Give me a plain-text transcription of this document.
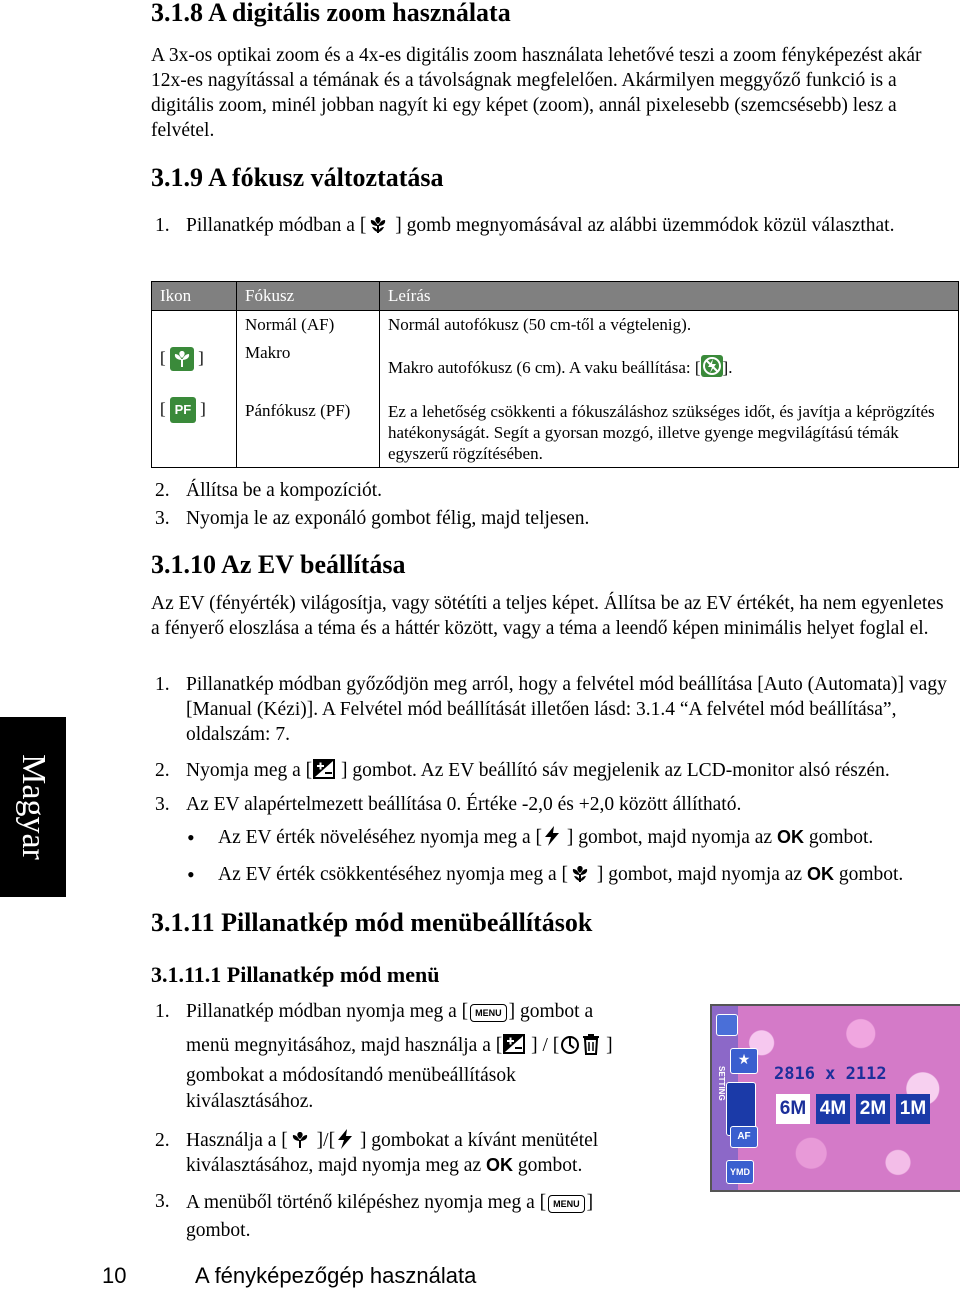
3.1.8 A digitális zoom használata

A 3x-os optikai zoom és a 4x-es digitális zoom használata lehetővé teszi a zoom fényképezést akár 12x-es nagyítással a témának és a távolságnak megfelelően. Akármilyen meggyőző funkció is a digitális zoom, minél jobban nagyít ki egy képet (zoom), annál pixelesebb (szemcsésebb) lesz a felvétel.

3.1.9 A fókusz változtatása
1. Pillanatkép módban a [ ] gomb megnyomásával az alábbi üzemmódok közül választhat.
Ikon	Fókusz	Leírás
	Normál (AF)	Normál autofókusz (50 cm-től a végtelenig).
[ ]	Makro	Makro autofókusz (6 cm). A vaku beállítása: [ ].
[ PF ]	Pánfókusz (PF)	Ez a lehetőség csökkenti a fókuszáláshoz szükséges időt, és javítja a képrögzítés hatékonyságát. Segít a gyorsan mozgó, illetve gyenge megvilágítású témák egyszerű rögzítésében.
2. Állítsa be a kompozíciót.
3. Nyomja le az exponáló gombot félig, majd teljesen.
3.1.10 Az EV beállítása

Az EV (fényérték) világosítja, vagy sötétíti a teljes képet. Állítsa be az EV értékét, ha nem egyenletes a fényerő eloszlása a téma és a háttér között, vagy a téma a leendő képen minimális helyet foglal el.

1. Pillanatkép módban győződjön meg arról, hogy a felvétel mód beállítása [Auto (Automata)] vagy [Manual (Kézi)]. A Felvétel mód beállítását illetően lásd: 3.1.4 “A felvétel mód beállítása”, oldalszám: 7.
2. Nyomja meg a [ ] gombot. Az EV beállító sáv megjelenik az LCD-monitor alsó részén.
3. Az EV alapértelmezett beállítása 0. Értéke -2,0 és +2,0 között állítható.
• Az EV érték növeléséhez nyomja meg a [ ] gombot, majd nyomja az OK gombot.
• Az EV érték csökkentéséhez nyomja meg a [ ] gombot, majd nyomja az OK gombot.
3.1.11 Pillanatkép mód menübeállítások
3.1.11.1 Pillanatkép mód menü
1. Pillanatkép módban nyomja meg a [ MENU ] gombot a
menü megnyitásához, majd használja a [ ] / [ ]
gombokat a módosítandó menübeállítások
kiválasztásához.
2. Használja a [ ]/[ ] gombokat a kívánt menütétel
kiválasztásához, majd nyomja meg az OK gombot.
3. A menüből történő kilépéshez nyomja meg a [ MENU ]
gombot.
★
SETTING
AF
YMD
2816 x 2112
6M 4M 2M 1M
Magyar
10	A fényképezőgép használata
